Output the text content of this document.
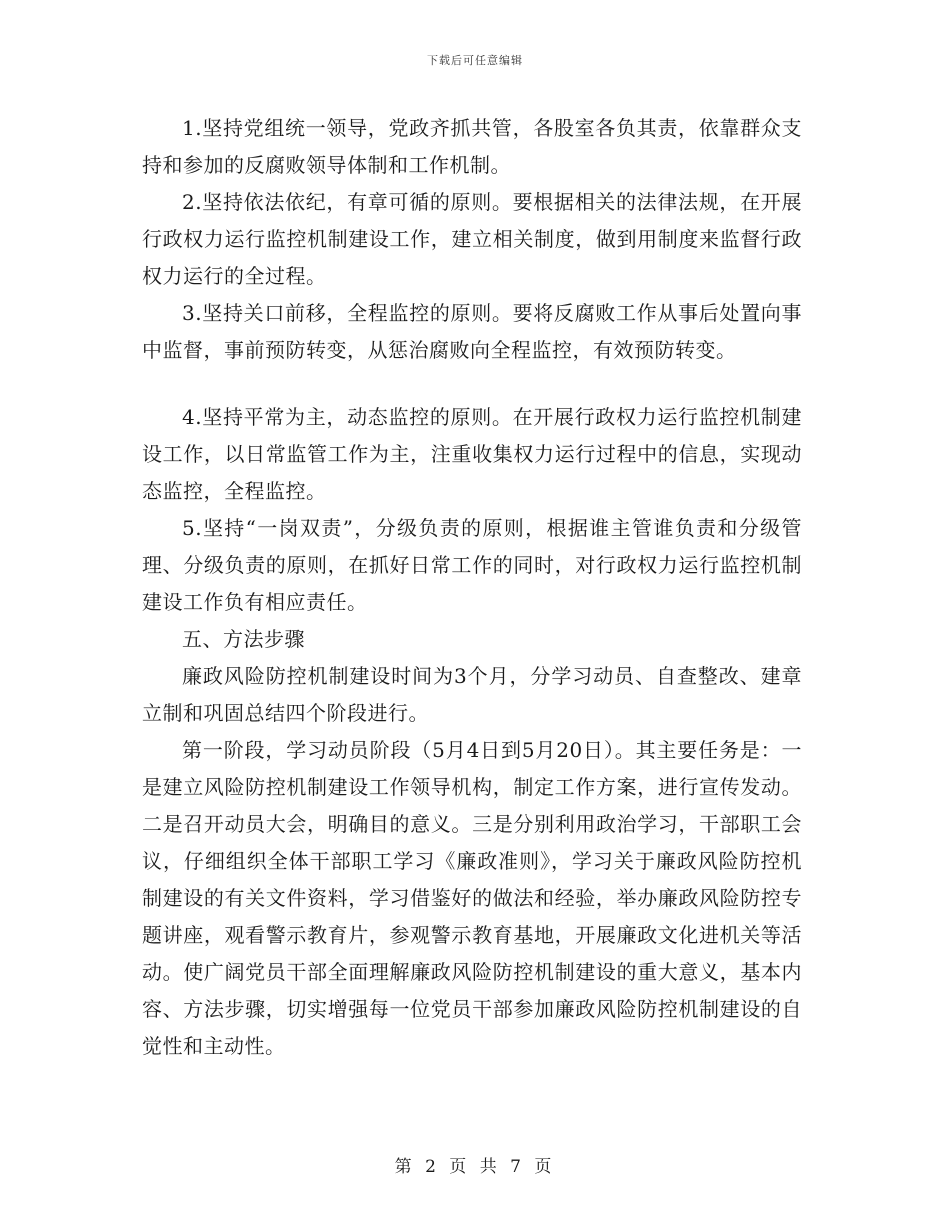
下载后可任意编辑

1.坚持党组统一领导，党政齐抓共管，各股室各负其责，依靠群众支持和参加的反腐败领导体制和工作机制。

2.坚持依法依纪，有章可循的原则。要根据相关的法律法规，在开展行政权力运行监控机制建设工作，建立相关制度，做到用制度来监督行政权力运行的全过程。

3.坚持关口前移，全程监控的原则。要将反腐败工作从事后处置向事中监督，事前预防转变，从惩治腐败向全程监控，有效预防转变。

4.坚持平常为主，动态监控的原则。在开展行政权力运行监控机制建设工作，以日常监管工作为主，注重收集权力运行过程中的信息，实现动态监控，全程监控。

5.坚持“一岗双责”，分级负责的原则，根据谁主管谁负责和分级管理、分级负责的原则，在抓好日常工作的同时，对行政权力运行监控机制建设工作负有相应责任。

五、方法步骤

廉政风险防控机制建设时间为3个月，分学习动员、自查整改、建章立制和巩固总结四个阶段进行。

第一阶段，学习动员阶段（5月4日到5月20日）。其主要任务是：一是建立风险防控机制建设工作领导机构，制定工作方案，进行宣传发动。二是召开动员大会，明确目的意义。三是分别利用政治学习，干部职工会议，仔细组织全体干部职工学习《廉政准则》，学习关于廉政风险防控机制建设的有关文件资料，学习借鉴好的做法和经验，举办廉政风险防控专题讲座，观看警示教育片，参观警示教育基地，开展廉政文化进机关等活动。使广阔党员干部全面理解廉政风险防控机制建设的重大意义，基本内容、方法步骤，切实增强每一位党员干部参加廉政风险防控机制建设的自觉性和主动性。

第 2 页 共 7 页
